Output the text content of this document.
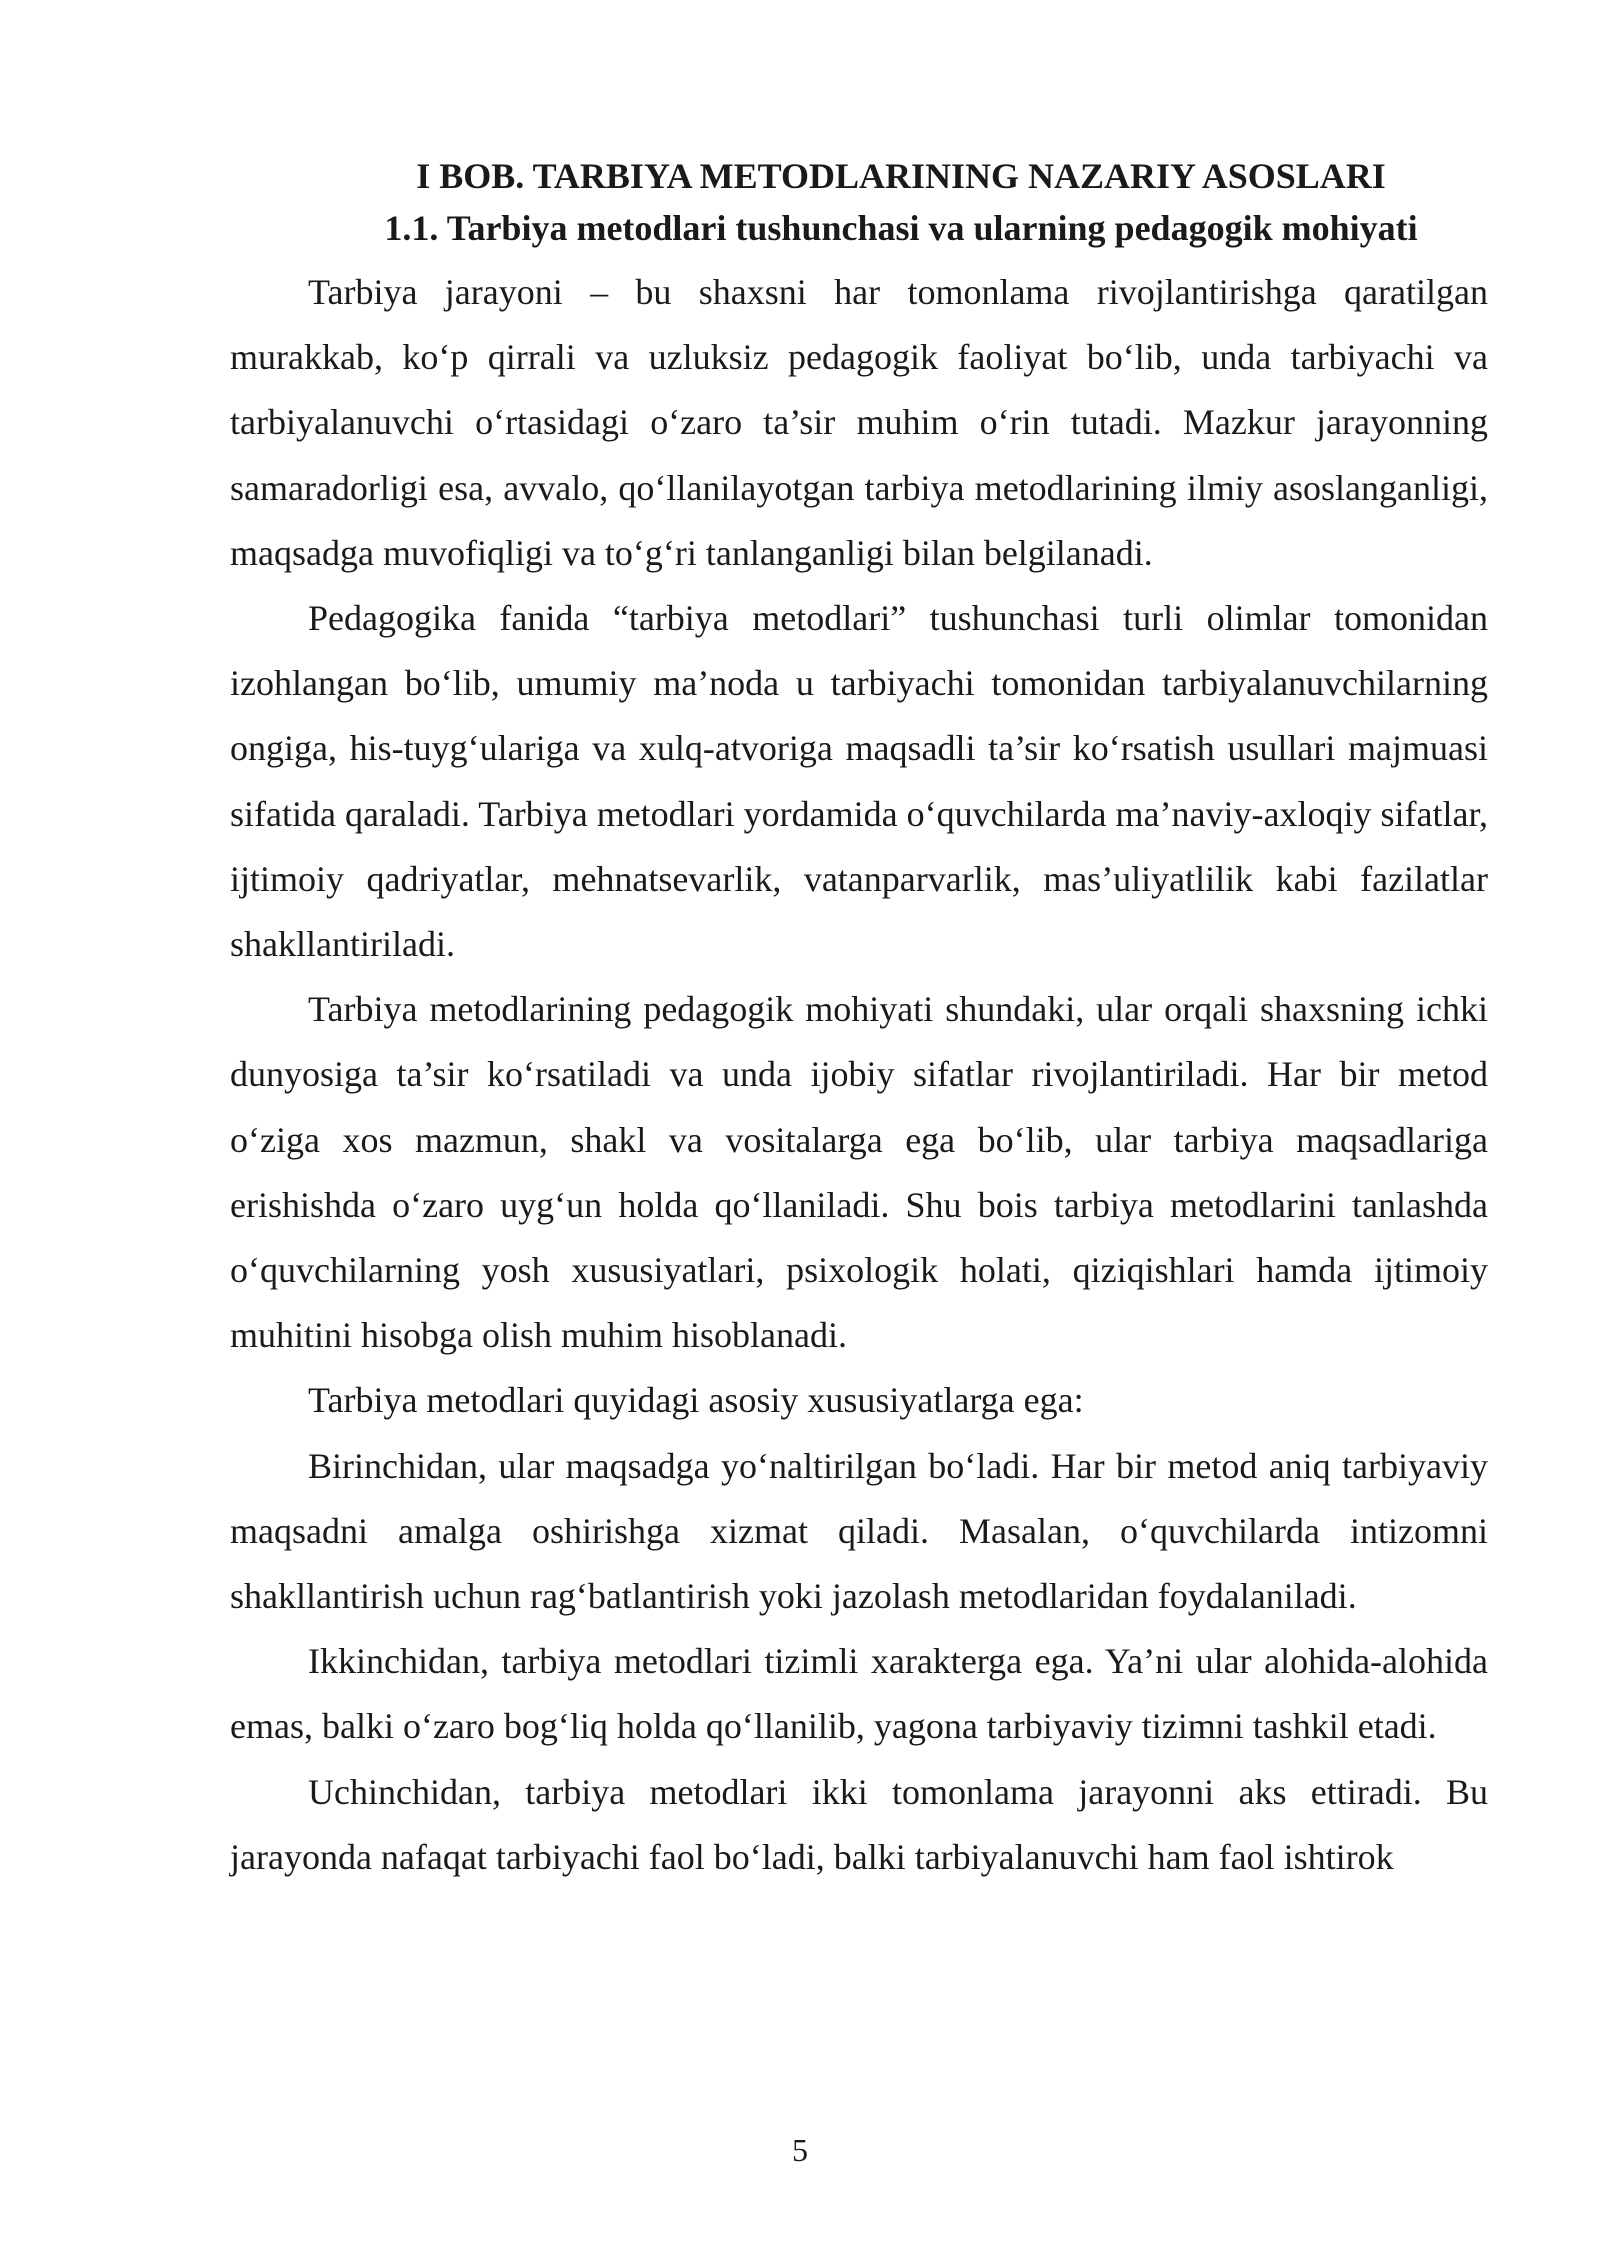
I BOB. TARBIYA METODLARINING NAZARIY ASOSLARI
1.1. Tarbiya metodlari tushunchasi va ularning pedagogik mohiyati

Tarbiya jarayoni – bu shaxsni har tomonlama rivojlantirishga qaratilgan murakkab, ko‘p qirrali va uzluksiz pedagogik faoliyat bo‘lib, unda tarbiyachi va tarbiyalanuvchi o‘rtasidagi o‘zaro ta’sir muhim o‘rin tutadi. Mazkur jarayonning samaradorligi esa, avvalo, qo‘llanilayotgan tarbiya metodlarining ilmiy asoslanganligi, maqsadga muvofiqligi va to‘g‘ri tanlanganligi bilan belgilanadi.

Pedagogika fanida “tarbiya metodlari” tushunchasi turli olimlar tomonidan izohlangan bo‘lib, umumiy ma’noda u tarbiyachi tomonidan tarbiyalanuvchilarning ongiga, his-tuyg‘ulariga va xulq-atvoriga maqsadli ta’sir ko‘rsatish usullari majmuasi sifatida qaraladi. Tarbiya metodlari yordamida o‘quvchilarda ma’naviy-axloqiy sifatlar, ijtimoiy qadriyatlar, mehnatsevarlik, vatanparvarlik, mas’uliyatlilik kabi fazilatlar shakllantiriladi.

Tarbiya metodlarining pedagogik mohiyati shundaki, ular orqali shaxsning ichki dunyosiga ta’sir ko‘rsatiladi va unda ijobiy sifatlar rivojlantiriladi. Har bir metod o‘ziga xos mazmun, shakl va vositalarga ega bo‘lib, ular tarbiya maqsadlariga erishishda o‘zaro uyg‘un holda qo‘llaniladi. Shu bois tarbiya metodlarini tanlashda o‘quvchilarning yosh xususiyatlari, psixologik holati, qiziqishlari hamda ijtimoiy muhitini hisobga olish muhim hisoblanadi.

Tarbiya metodlari quyidagi asosiy xususiyatlarga ega:

Birinchidan, ular maqsadga yo‘naltirilgan bo‘ladi. Har bir metod aniq tarbiyaviy maqsadni amalga oshirishga xizmat qiladi. Masalan, o‘quvchilarda intizomni shakllantirish uchun rag‘batlantirish yoki jazolash metodlaridan foydalaniladi.

Ikkinchidan, tarbiya metodlari tizimli xarakterga ega. Ya’ni ular alohida-alohida emas, balki o‘zaro bog‘liq holda qo‘llanilib, yagona tarbiyaviy tizimni tashkil etadi.

Uchinchidan, tarbiya metodlari ikki tomonlama jarayonni aks ettiradi. Bu jarayonda nafaqat tarbiyachi faol bo‘ladi, balki tarbiyalanuvchi ham faol ishtirok

5
